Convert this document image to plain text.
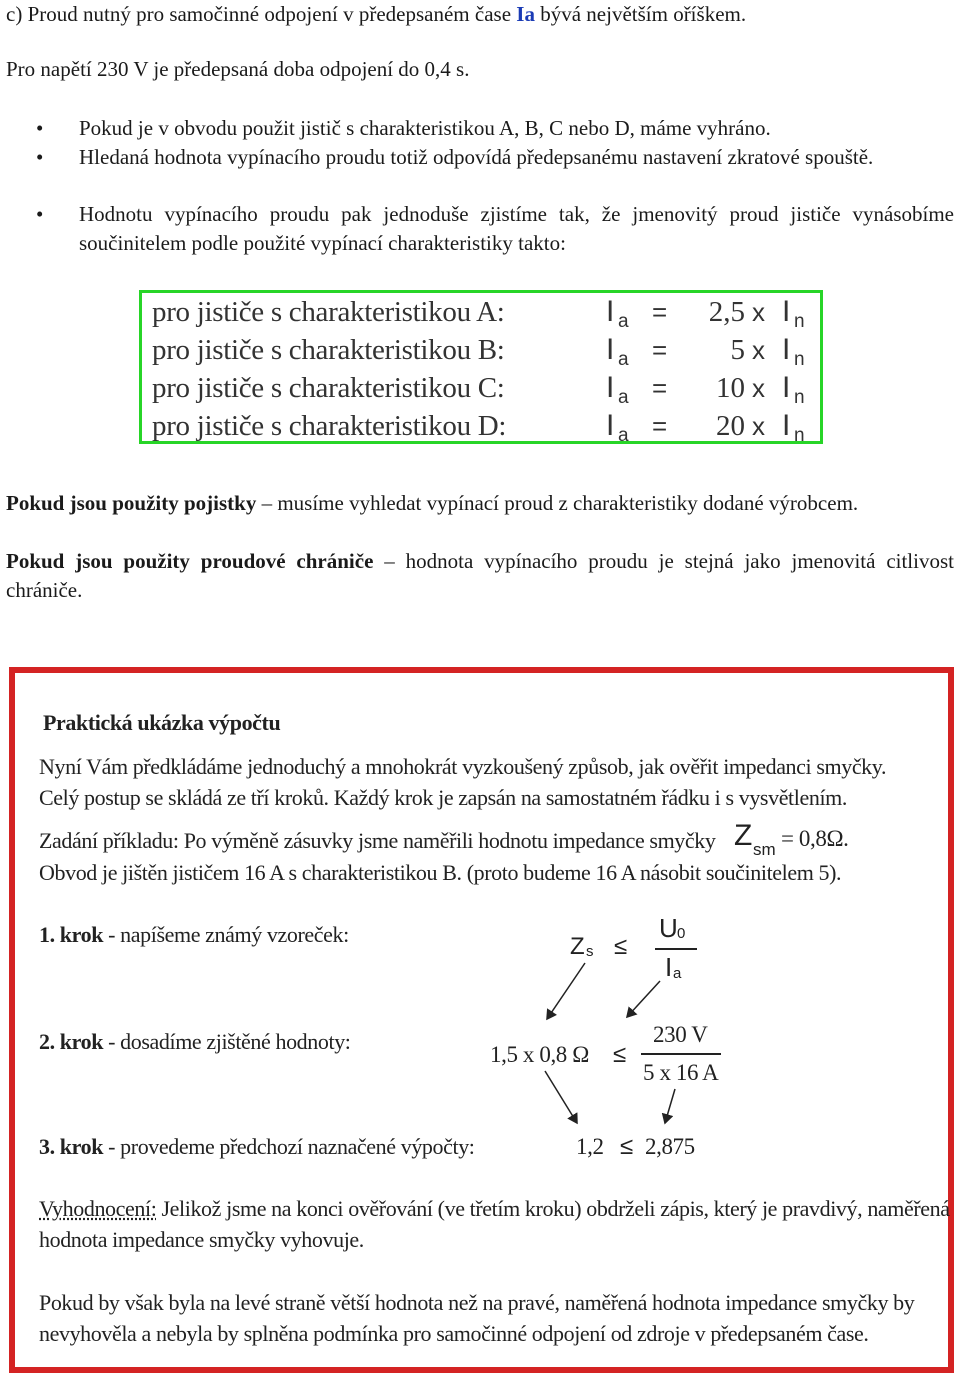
c) Proud nutný pro samočinné odpojení v předepsaném čase Ia bývá největším oříškem.
Pro napětí 230 V je předepsaná doba odpojení do 0,4 s.
• Pokud je v obvodu použit jistič s charakteristikou A, B, C nebo D, máme vyhráno.
• Hledaná hodnota vypínacího proudu totiž odpovídá předepsanému nastavení zkratové spouště.
• Hodnotu vypínacího proudu pak jednoduše zjistíme tak, že jmenovitý proud jističe vynásobíme součinitelem podle použité vypínací charakteristiky takto:
pro jističe s charakteristikou A:	I a =	2,5 x I n
pro jističe s charakteristikou B:	I a =	5 x I n
pro jističe s charakteristikou C:	I a =	10 x I n
pro jističe s charakteristikou D:	I a =	20 x I n
Pokud jsou použity pojistky – musíme vyhledat vypínací proud z charakteristiky dodané výrobcem.
Pokud jsou použity proudové chrániče – hodnota vypínacího proudu je stejná jako jmenovitá citlivost chrániče.
Praktická ukázka výpočtu
Nyní Vám předkládáme jednoduchý a mnohokrát vyzkoušený způsob, jak ověřit impedanci smyčky.
Celý postup se skládá ze tří kroků. Každý krok je zapsán na samostatném řádku i s vysvětlením.
Zadání příkladu: Po výměně zásuvky jsme naměřili hodnotu impedance smyčky Z sm = 0,8Ω.
Obvod je jištěn jističem 16 A s charakteristikou B. (proto budeme 16 A násobit součinitelem 5).
1. krok - napíšeme známý vzoreček:	Z s ≤
U 0
I a
2. krok - dosadíme zjištěné hodnoty:
1,5 x 0,8 Ω ≤
230 V
5 x 16 A
3. krok - provedeme předchozí naznačené výpočty:	1,2 ≤ 2,875
Vyhodnocení: Jelikož jsme na konci ověřování (ve třetím kroku) obdrželi zápis, který je pravdivý, naměřená
hodnota impedance smyčky vyhovuje.
Pokud by však byla na levé straně větší hodnota než na pravé, naměřená hodnota impedance smyčky by
nevyhověla a nebyla by splněna podmínka pro samočinné odpojení od zdroje v předepsaném čase.
